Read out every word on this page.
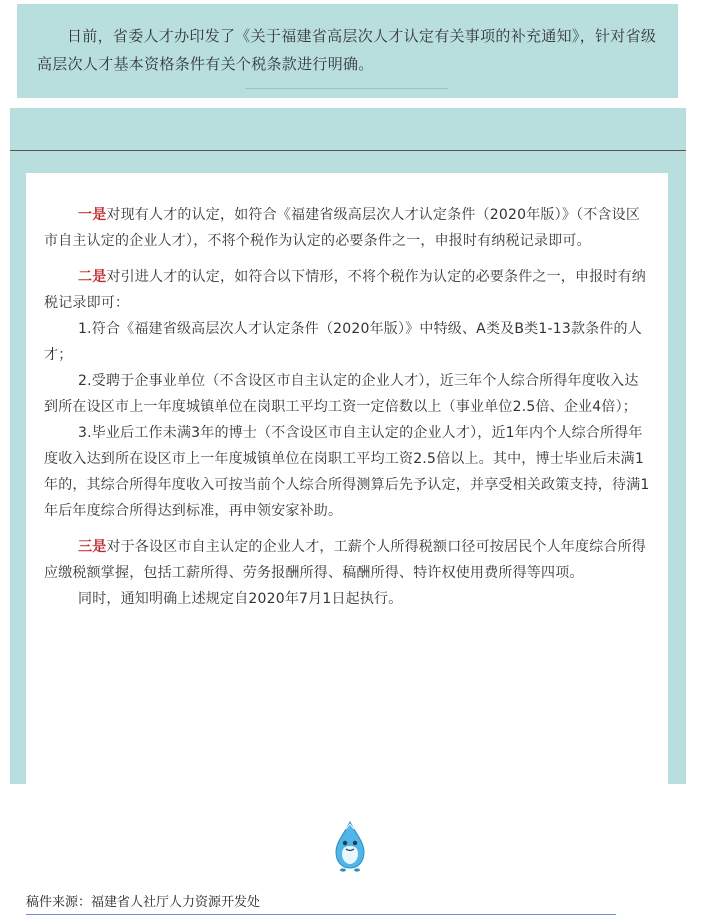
日前，省委人才办印发了《关于福建省高层次人才认定有关事项的补充通知》，针对省级高层次人才基本资格条件有关个税条款进行明确。

一是对现有人才的认定，如符合《福建省级高层次人才认定条件（2020年版）》（不含设区市自主认定的企业人才），不将个税作为认定的必要条件之一，申报时有纳税记录即可。

二是对引进人才的认定，如符合以下情形，不将个税作为认定的必要条件之一，申报时有纳税记录即可：

1.符合《福建省级高层次人才认定条件（2020年版）》中特级、A类及B类1-13款条件的人才；

2.受聘于企事业单位（不含设区市自主认定的企业人才），近三年个人综合所得年度收入达到所在设区市上一年度城镇单位在岗职工平均工资一定倍数以上（事业单位2.5倍、企业4倍）；

3.毕业后工作未满3年的博士（不含设区市自主认定的企业人才），近1年内个人综合所得年度收入达到所在设区市上一年度城镇单位在岗职工平均工资2.5倍以上。其中，博士毕业后未满1年的，其综合所得年度收入可按当前个人综合所得测算后先予认定，并享受相关政策支持，待满1年后年度综合所得达到标准，再申领安家补助。

三是对于各设区市自主认定的企业人才，工薪个人所得税额口径可按居民个人年度综合所得应缴税额掌握，包括工薪所得、劳务报酬所得、稿酬所得、特许权使用费所得等四项。

同时，通知明确上述规定自2020年7月1日起执行。

稿件来源：福建省人社厅人力资源开发处
